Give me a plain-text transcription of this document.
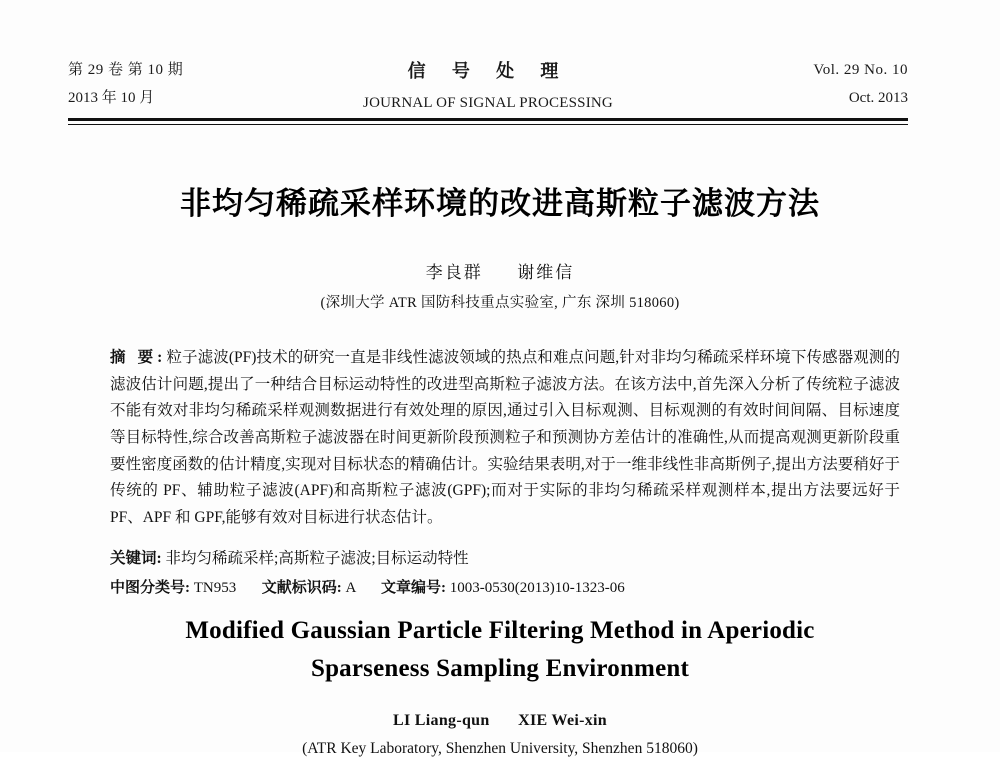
第 29 卷 第 10 期
2013 年 10 月
信 号 处 理
JOURNAL OF SIGNAL PROCESSING
Vol. 29 No. 10
Oct. 2013
非均匀稀疏采样环境的改进高斯粒子滤波方法
李良群 谢维信
(深圳大学 ATR 国防科技重点实验室, 广东 深圳 518060)
摘 要:粒子滤波(PF)技术的研究一直是非线性滤波领域的热点和难点问题,针对非均匀稀疏采样环境下传感器观测的滤波估计问题,提出了一种结合目标运动特性的改进型高斯粒子滤波方法。在该方法中,首先深入分析了传统粒子滤波不能有效对非均匀稀疏采样观测数据进行有效处理的原因,通过引入目标观测、目标观测的有效时间间隔、目标速度等目标特性,综合改善高斯粒子滤波器在时间更新阶段预测粒子和预测协方差估计的准确性,从而提高观测更新阶段重要性密度函数的估计精度,实现对目标状态的精确估计。实验结果表明,对于一维非线性非高斯例子,提出方法要稍好于传统的 PF、辅助粒子滤波(APF)和高斯粒子滤波(GPF);而对于实际的非均匀稀疏采样观测样本,提出方法要远好于 PF、APF 和 GPF,能够有效对目标进行状态估计。
关键词: 非均匀稀疏采样;高斯粒子滤波;目标运动特性
中图分类号: TN953 文献标识码: A 文章编号: 1003-0530(2013)10-1323-06
Modified Gaussian Particle Filtering Method in Aperiodic
Sparseness Sampling Environment
LI Liang-qun XIE Wei-xin
(ATR Key Laboratory, Shenzhen University, Shenzhen 518060)
